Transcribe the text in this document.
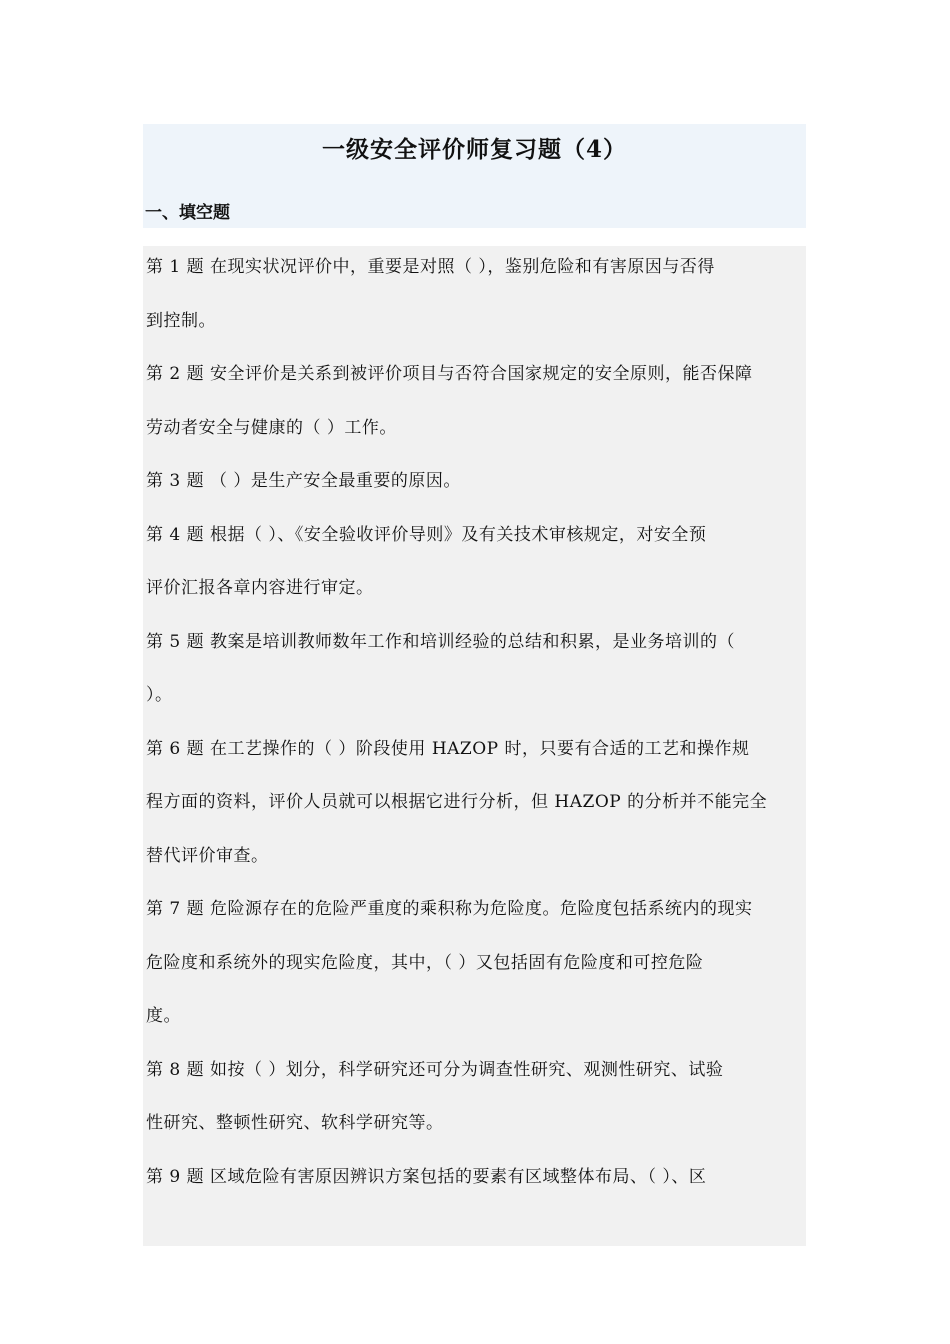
一级安全评价师复习题（4）
一、填空题
第 1 题 在现实状况评价中，重要是对照（ ），鉴别危险和有害原因与否得
到控制。
第 2 题 安全评价是关系到被评价项目与否符合国家规定的安全原则，能否保障
劳动者安全与健康的（ ）工作。
第 3 题 （ ）是生产安全最重要的原因。
第 4 题 根据（ ）、《安全验收评价导则》及有关技术审核规定，对安全预
评价汇报各章内容进行审定。
第 5 题 教案是培训教师数年工作和培训经验的总结和积累，是业务培训的（
）。
第 6 题 在工艺操作的（ ）阶段使用 HAZOP 时，只要有合适的工艺和操作规
程方面的资料，评价人员就可以根据它进行分析，但 HAZOP 的分析并不能完全
替代评价审查。
第 7 题 危险源存在的危险严重度的乘积称为危险度。危险度包括系统内的现实
危险度和系统外的现实危险度，其中，（ ）又包括固有危险度和可控危险
度。
第 8 题 如按（ ）划分，科学研究还可分为调查性研究、观测性研究、试验
性研究、整顿性研究、软科学研究等。
第 9 题 区域危险有害原因辨识方案包括的要素有区域整体布局、（ ）、区
